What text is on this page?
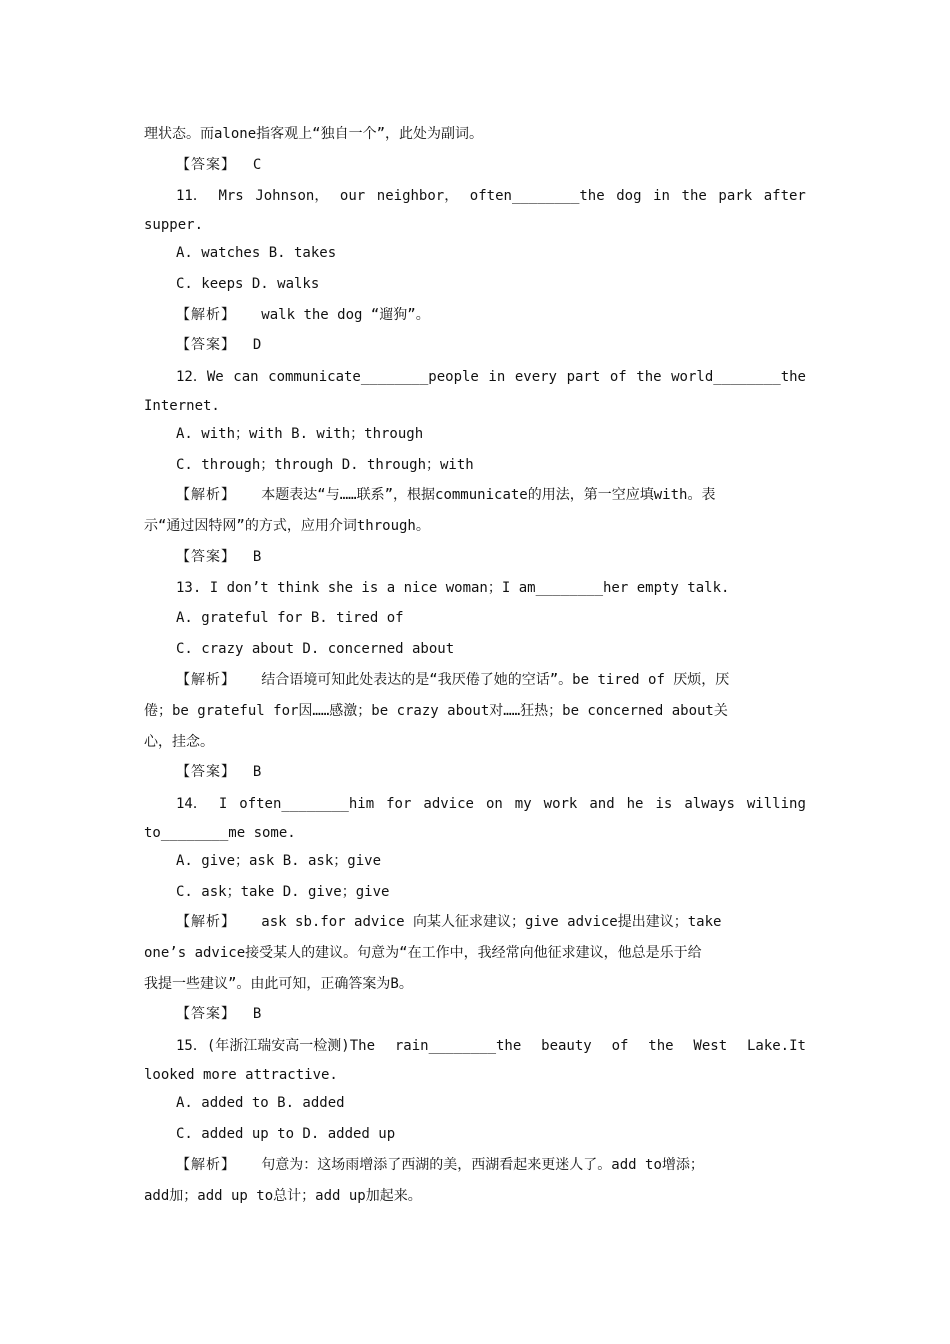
理状态。而alone指客观上“独自一个”，此处为副词。
【答案】 C
11． Mrs Johnson， our neighbor， often________the dog in the park after
supper.
A. watches B. takes
C. keeps D. walks
【解析】 walk the dog “遛狗”。
【答案】 D
12．We can communicate________people in every part of the world________the
Internet.
A. with；with B. with；through
C. through；through D. through；with
【解析】 本题表达“与……联系”，根据communicate的用法，第一空应填with。表
示“通过因特网”的方式，应用介词through。
【答案】 B
13. I don’t think she is a nice woman；I am________her empty talk.
A. grateful for B. tired of
C. crazy about D. concerned about
【解析】 结合语境可知此处表达的是“我厌倦了她的空话”。be tired of 厌烦，厌
倦；be grateful for因……感激；be crazy about对……狂热；be concerned about关
心，挂念。
【答案】 B
14． I often________him for advice on my work and he is always willing
to________me some.
A. give；ask B. ask；give
C. ask；take D. give；give
【解析】 ask sb.for advice 向某人征求建议；give advice提出建议；take
one’s advice接受某人的建议。句意为“在工作中，我经常向他征求建议，他总是乐于给
我提一些建议”。由此可知，正确答案为B。
【答案】 B
15．(年浙江瑞安高一检测)The rain________the beauty of the West Lake.It
looked more attractive.
A. added to B. added
C. added up to D. added up
【解析】 句意为：这场雨增添了西湖的美，西湖看起来更迷人了。add to增添；
add加；add up to总计；add up加起来。
